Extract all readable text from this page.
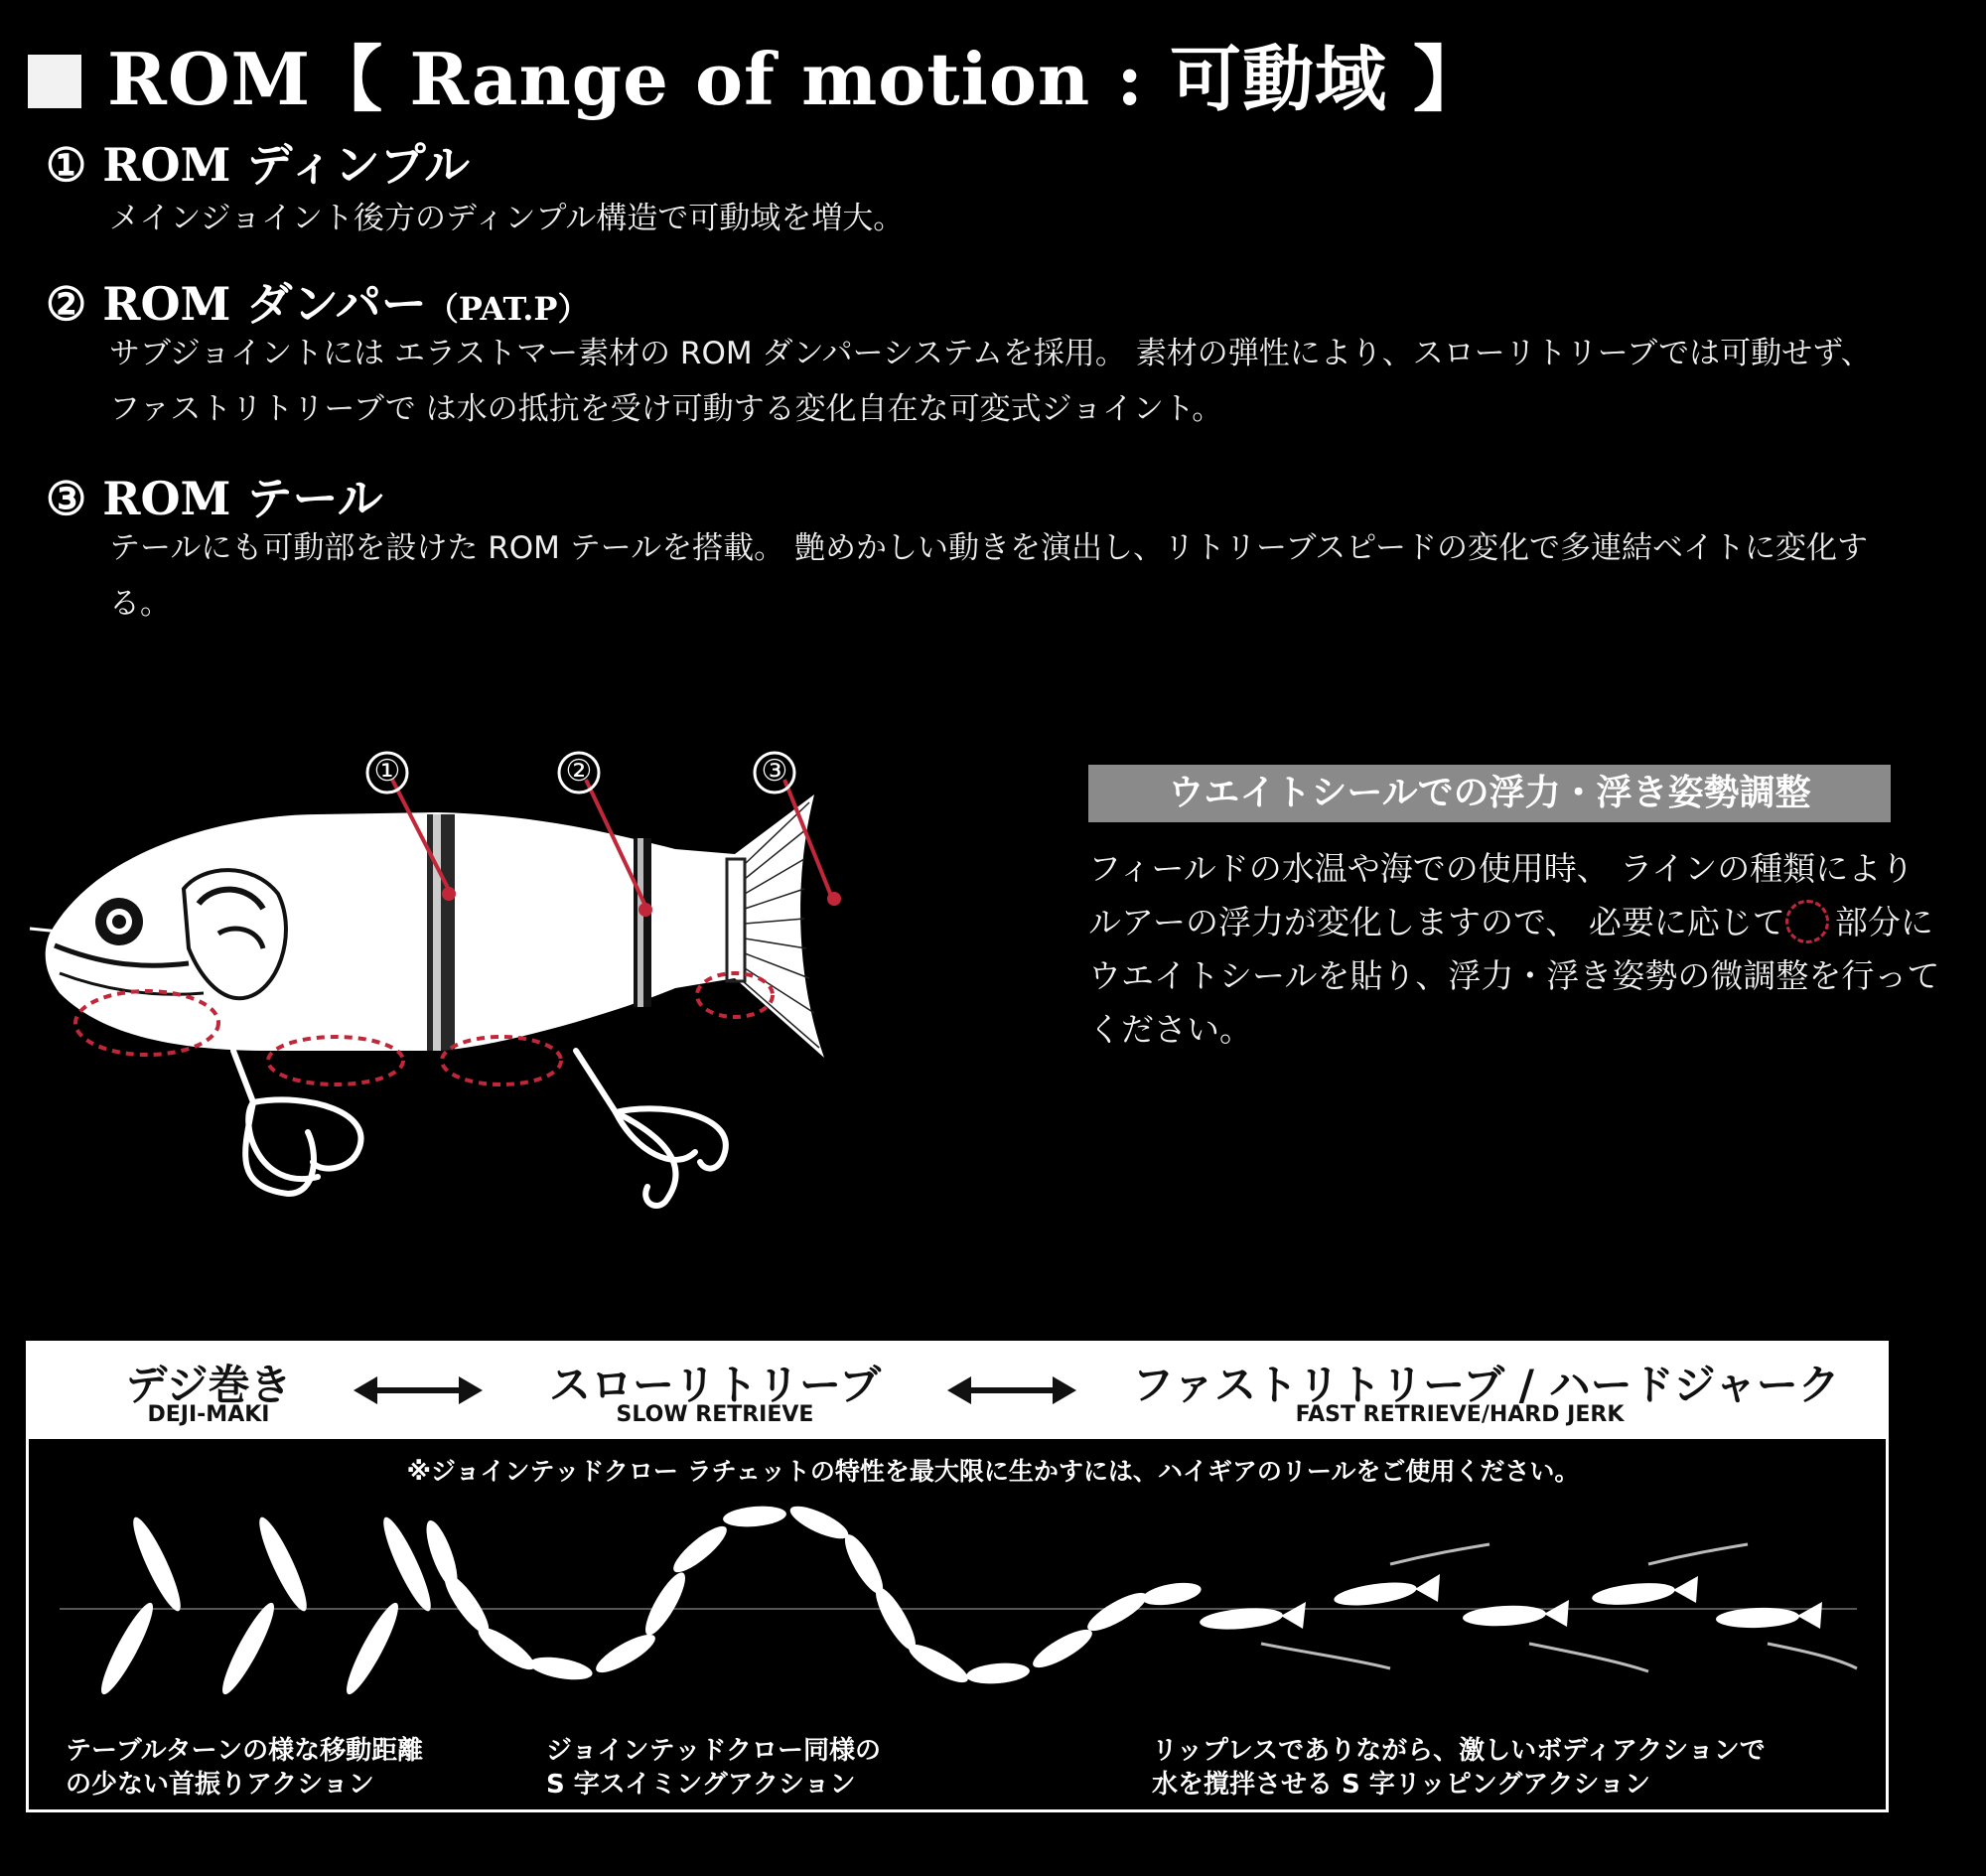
ROM【 Range of motion : 可動域 】
① ROM ディンプル
メインジョイント後方のディンプル構造で可動域を増大。
② ROM ダンパー（PAT.P）
サブジョイントには エラストマー素材の ROM ダンパーシステムを採用。 素材の弾性により、スローリトリーブでは可動せず、ファストリトリーブで は水の抵抗を受け可動する変化自在な可変式ジョイント。
③ ROM テール
テールにも可動部を設けた ROM テールを搭載。 艶めかしい動きを演出し、リトリーブスピードの変化で多連結ベイトに変化する。
①	②	③
ウエイトシールでの浮力・浮き姿勢調整
フィールドの水温や海での使用時、 ラインの種類によりルアーの浮力が変化しますので、 必要に応じて 部分にウエイトシールを貼り、浮力・浮き姿勢の微調整を行ってください。
デジ巻き
DEJI-MAKI
スローリトリーブ
SLOW RETRIEVE
ファストリトリーブ / ハードジャーク
FAST RETRIEVE/HARD JERK
※ジョインテッドクロー ラチェットの特性を最大限に生かすには、ハイギアのリールをご使用ください。
テーブルターンの様な移動距離
の少ない首振りアクション
ジョインテッドクロー同様の
S 字スイミングアクション
リップレスでありながら、激しいボディアクションで
水を撹拌させる S 字リッピングアクション
